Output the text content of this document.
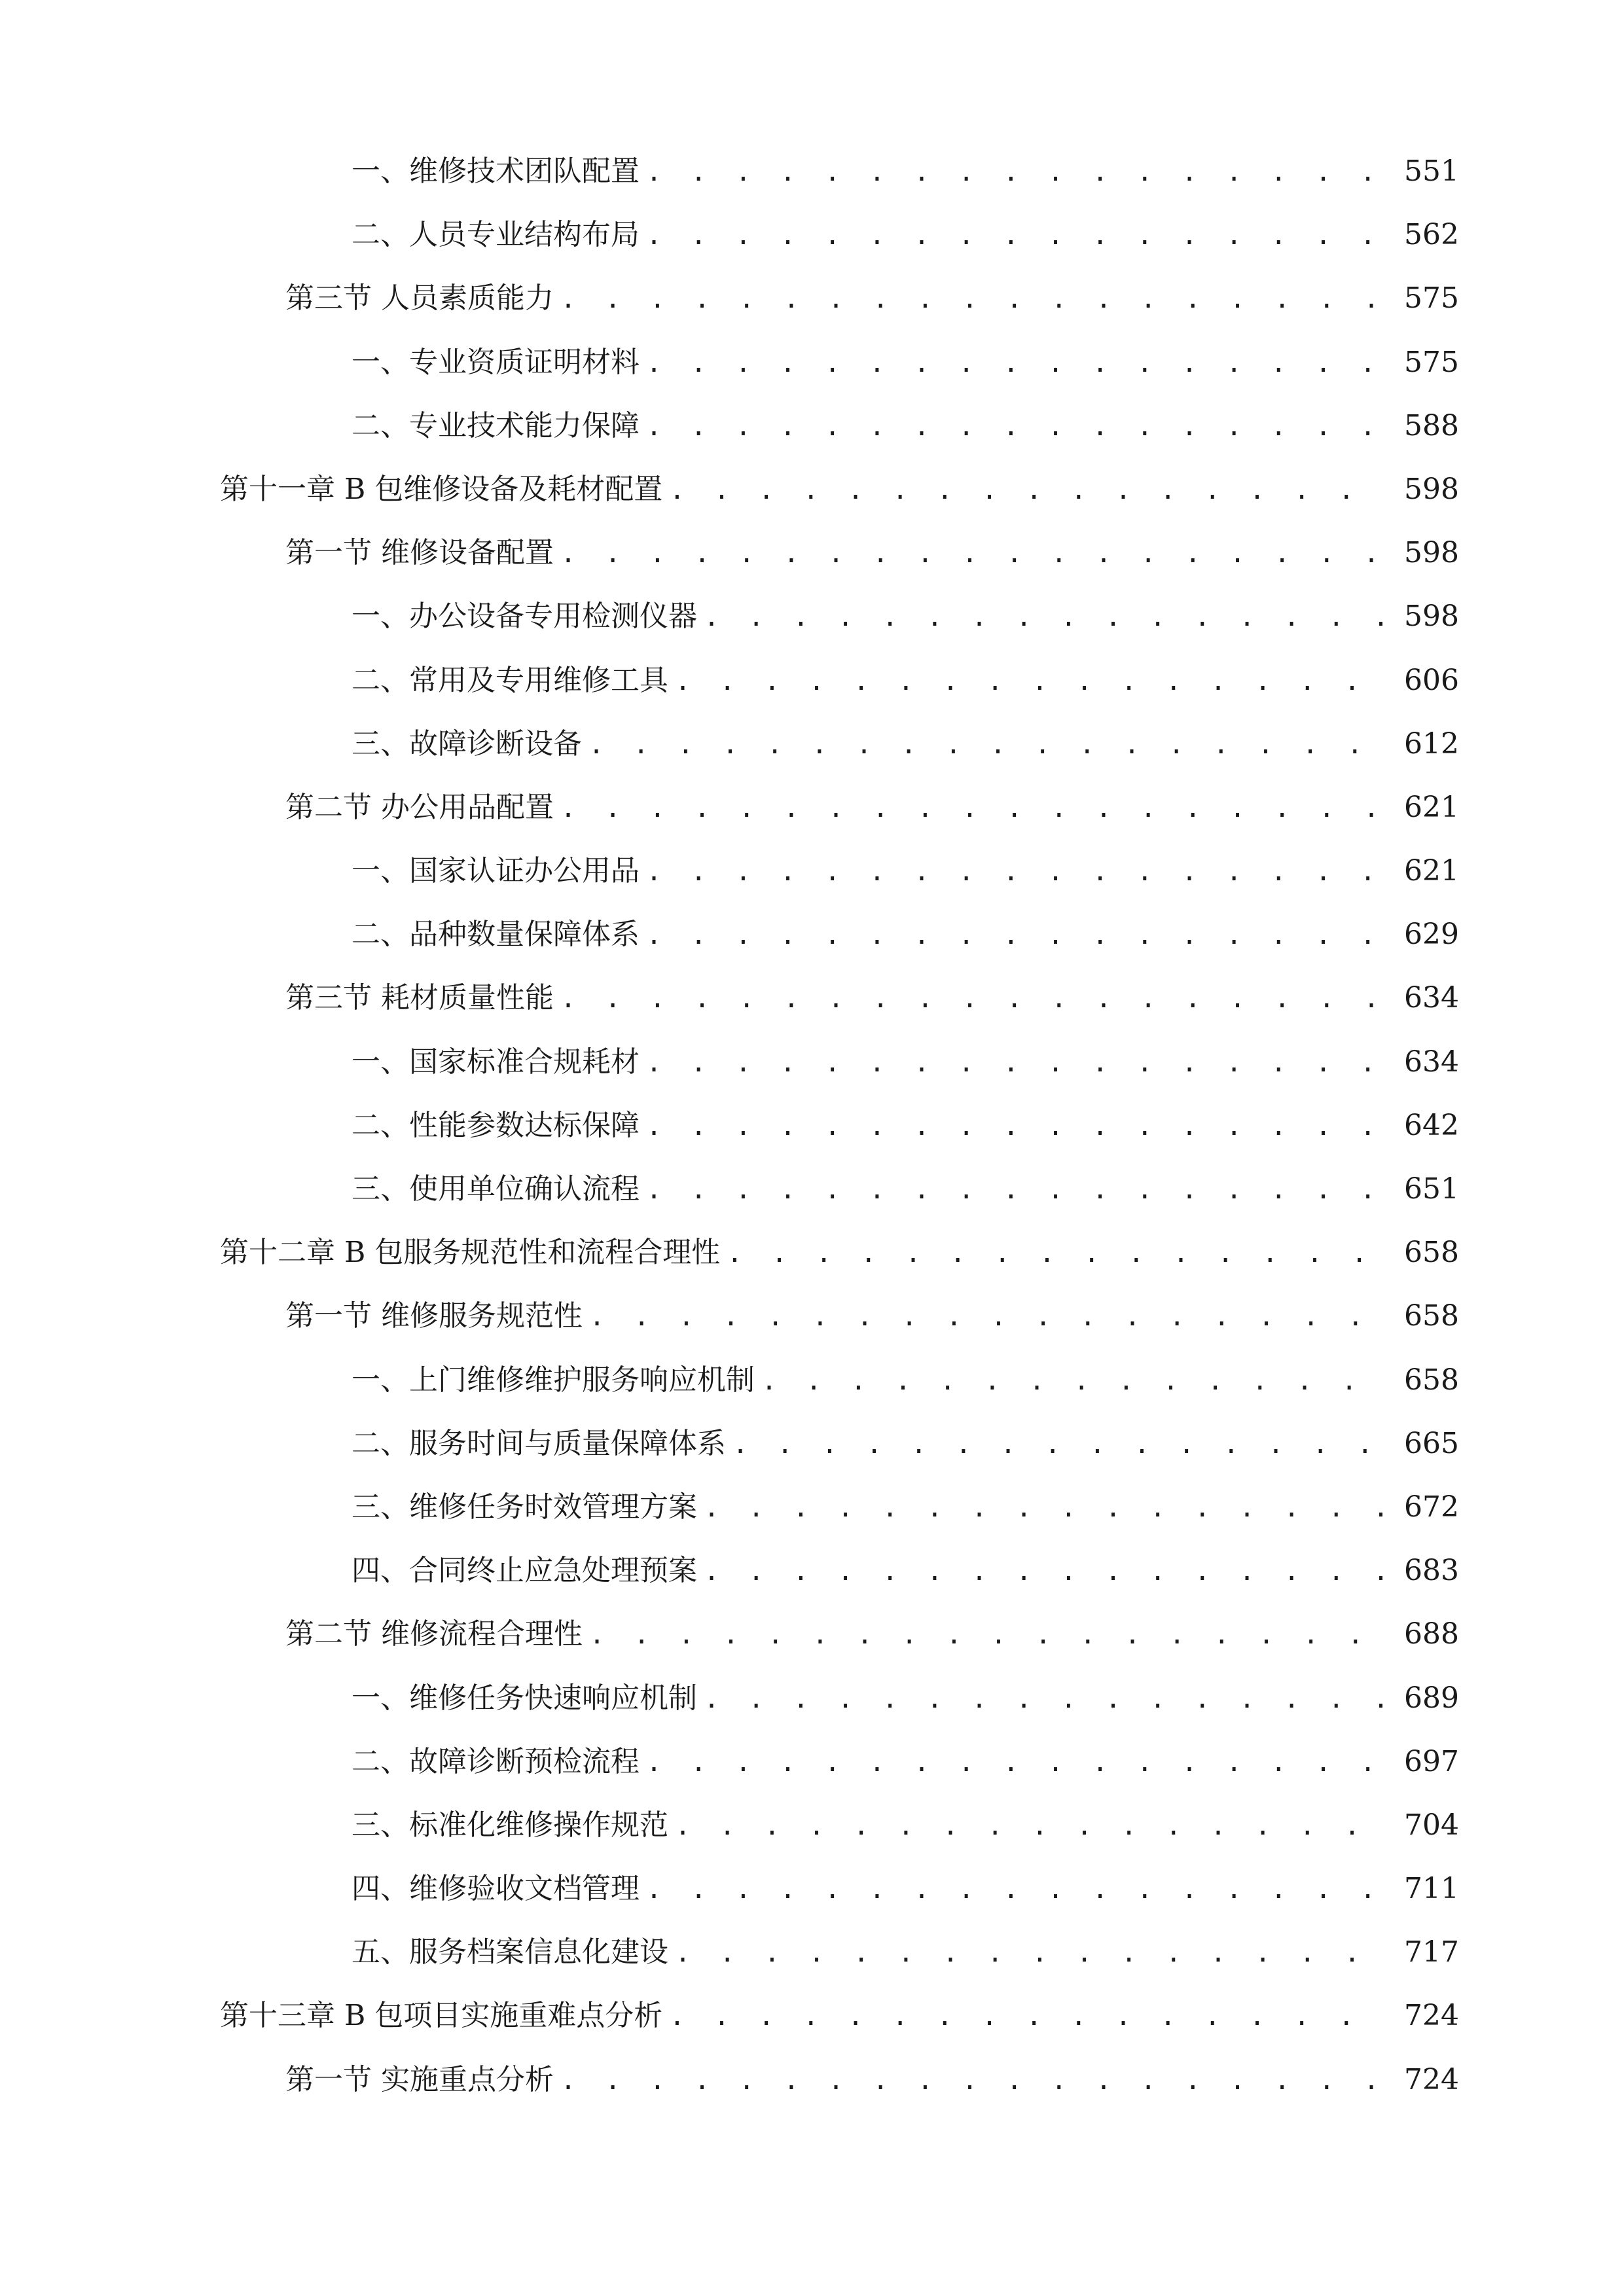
一、 维修技术团队配置 . . .	551
二、 人员专业结构布局 . . .	562
第三节 人员素质能力 . . .	575
一、 专业资质证明材料 . . .	575
二、 专业技术能力保障 . . .	588
第十一章 B 包维修设备及耗材配置 . . .	598
第一节 维修设备配置 . . .	598
一、 办公设备专用检测仪器 . . .	598
二、 常用及专用维修工具 . . .	606
三、 故障诊断设备 . . .	612
第二节 办公用品配置 . . .	621
一、 国家认证办公用品 . . .	621
二、 品种数量保障体系 . . .	629
第三节 耗材质量性能 . . .	634
一、 国家标准合规耗材 . . .	634
二、 性能参数达标保障 . . .	642
三、 使用单位确认流程 . . .	651
第十二章 B 包服务规范性和流程合理性 . . .	658
第一节 维修服务规范性 . . .	658
一、 上门维修维护服务响应机制 . . .	658
二、 服务时间与质量保障体系 . . .	665
三、 维修任务时效管理方案 . . .	672
四、 合同终止应急处理预案 . . .	683
第二节 维修流程合理性 . . .	688
一、 维修任务快速响应机制 . . .	689
二、 故障诊断预检流程 . . .	697
三、 标准化维修操作规范 . . .	704
四、 维修验收文档管理 . . .	711
五、 服务档案信息化建设 . . .	717
第十三章 B 包项目实施重难点分析 . . .	724
第一节 实施重点分析 . . .	724
